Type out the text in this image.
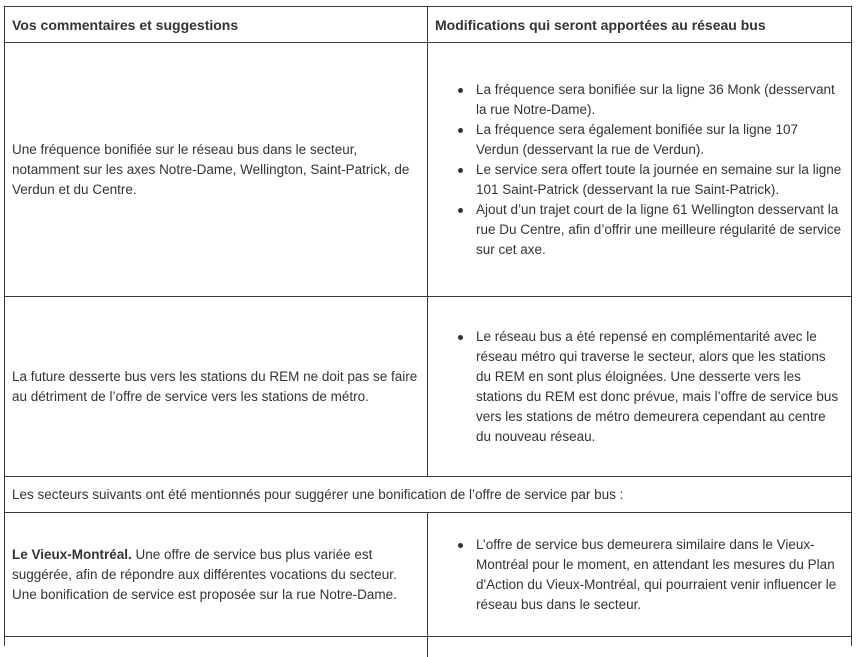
Vos commentaires et suggestions	Modifications qui seront apportées au réseau bus
Une fréquence bonifiée sur le réseau bus dans le secteur, notamment sur les axes Notre-Dame, Wellington, Saint-Patrick, de Verdun et du Centre.
La fréquence sera bonifiée sur la ligne 36 Monk (desservant la rue Notre-Dame).
La fréquence sera également bonifiée sur la ligne 107 Verdun (desservant la rue de Verdun).
Le service sera offert toute la journée en semaine sur la ligne 101 Saint-Patrick (desservant la rue Saint-Patrick).
Ajout d’un trajet court de la ligne 61 Wellington desservant la rue Du Centre, afin d’offrir une meilleure régularité de service sur cet axe.
La future desserte bus vers les stations du REM ne doit pas se faire au détriment de l’offre de service vers les stations de métro.
Le réseau bus a été repensé en complémentarité avec le réseau métro qui traverse le secteur, alors que les stations du REM en sont plus éloignées. Une desserte vers les stations du REM est donc prévue, mais l’offre de service bus vers les stations de métro demeurera cependant au centre du nouveau réseau.
Les secteurs suivants ont été mentionnés pour suggérer une bonification de l’offre de service par bus :
Le Vieux-Montréal. Une offre de service bus plus variée est suggérée, afin de répondre aux différentes vocations du secteur. Une bonification de service est proposée sur la rue Notre-Dame.
L’offre de service bus demeurera similaire dans le Vieux-Montréal pour le moment, en attendant les mesures du Plan d'Action du Vieux-Montréal, qui pourraient venir influencer le réseau bus dans le secteur.
